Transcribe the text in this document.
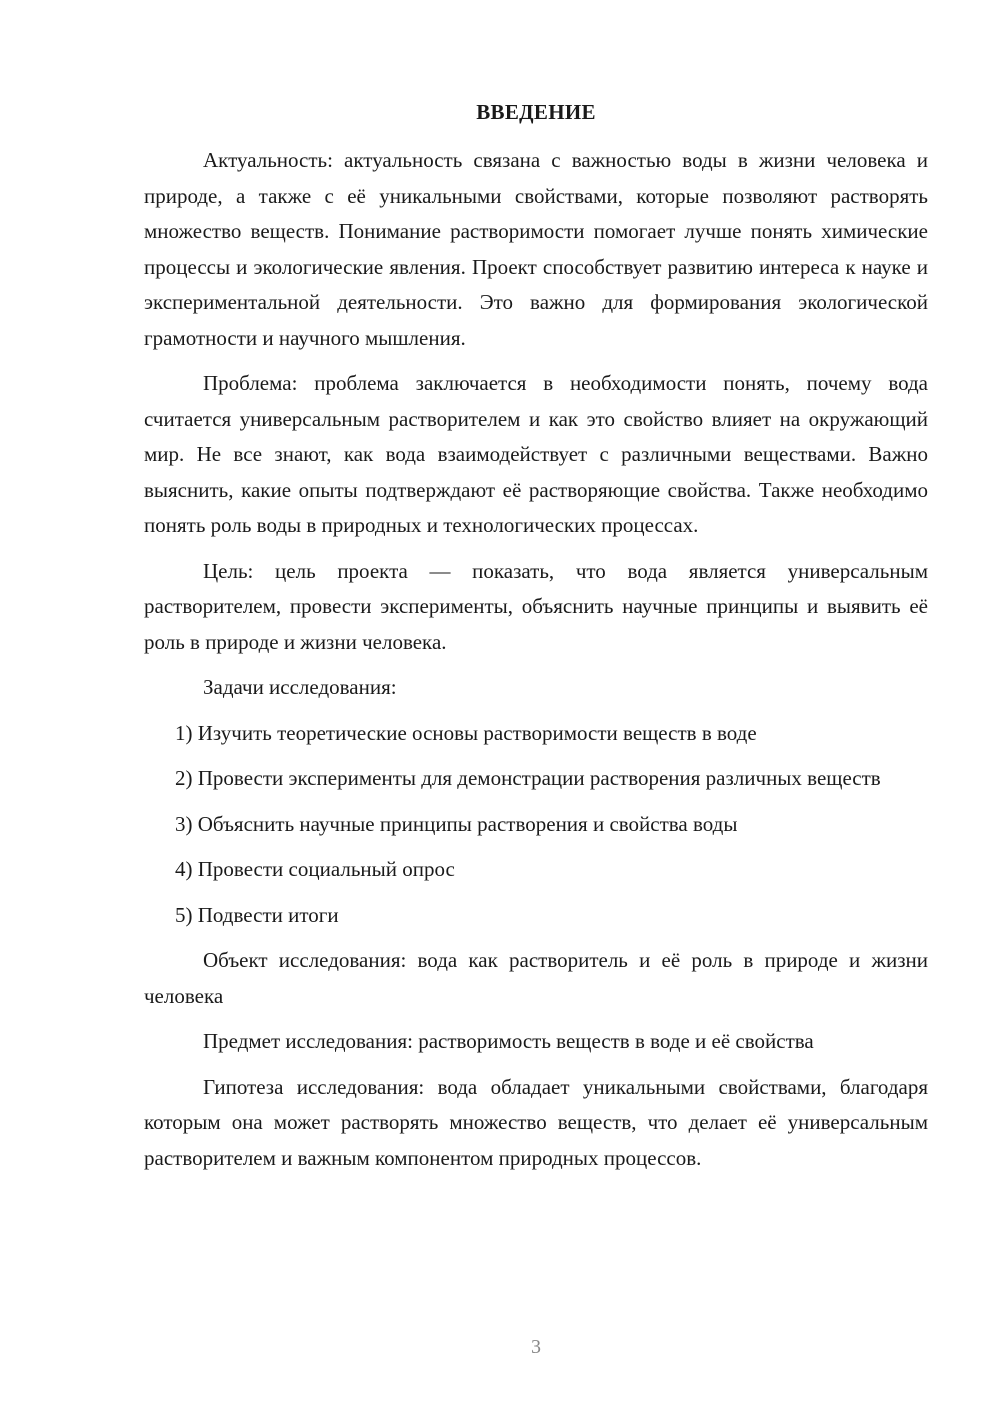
ВВЕДЕНИЕ

Актуальность: актуальность связана с важностью воды в жизни человека и природе, а также с её уникальными свойствами, которые позволяют растворять множество веществ. Понимание растворимости помогает лучше понять химические процессы и экологические явления. Проект способствует развитию интереса к науке и экспериментальной деятельности. Это важно для формирования экологической грамотности и научного мышления.

Проблема: проблема заключается в необходимости понять, почему вода считается универсальным растворителем и как это свойство влияет на окружающий мир. Не все знают, как вода взаимодействует с различными веществами. Важно выяснить, какие опыты подтверждают её растворяющие свойства. Также необходимо понять роль воды в природных и технологических процессах.

Цель: цель проекта — показать, что вода является универсальным растворителем, провести эксперименты, объяснить научные принципы и выявить её роль в природе и жизни человека.

Задачи исследования:

1) Изучить теоретические основы растворимости веществ в воде

2) Провести эксперименты для демонстрации растворения различных веществ

3) Объяснить научные принципы растворения и свойства воды

4) Провести социальный опрос

5) Подвести итоги

Объект исследования: вода как растворитель и её роль в природе и жизни человека

Предмет исследования: растворимость веществ в воде и её свойства

Гипотеза исследования: вода обладает уникальными свойствами, благодаря которым она может растворять множество веществ, что делает её универсальным растворителем и важным компонентом природных процессов.

3
